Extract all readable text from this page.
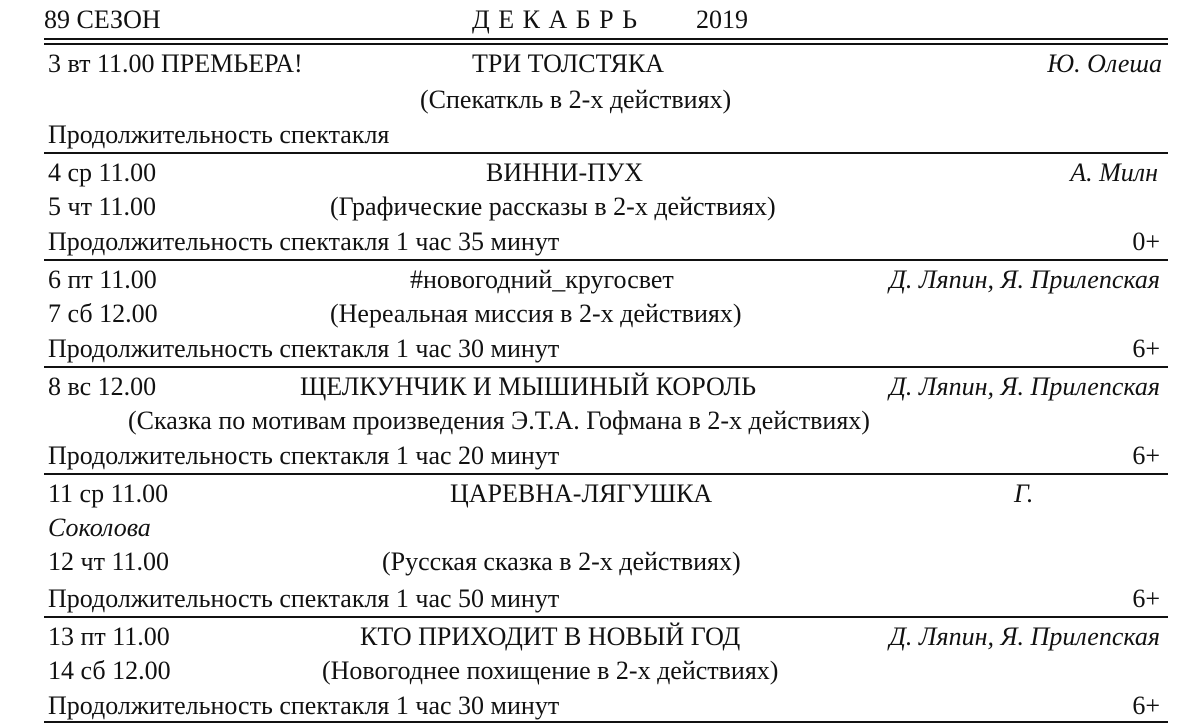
89 СЕЗОН	Д Е К А Б Р Ь 2019
3 вт 11.00 ПРЕМЬЕРА!	ТРИ ТОЛСТЯКА	Ю. Олеша
(Спекаткль в 2-х действиях)
Продолжительность спектакля
4 ср 11.00	ВИННИ-ПУХ	А. Милн
5 чт 11.00	(Графические рассказы в 2-х действиях)
Продолжительность спектакля 1 час 35 минут	0+
6 пт 11.00	#новогодний_кругосвет	Д. Ляпин, Я. Прилепская
7 сб 12.00	(Нереальная миссия в 2-х действиях)
Продолжительность спектакля 1 час 30 минут	6+
8 вс 12.00	ЩЕЛКУНЧИК И МЫШИНЫЙ КОРОЛЬ	Д. Ляпин, Я. Прилепская
(Сказка по мотивам произведения Э.Т.А. Гофмана в 2-х действиях)
Продолжительность спектакля 1 час 20 минут	6+
11 ср 11.00	ЦАРЕВНА-ЛЯГУШКА	Г.
Соколова
12 чт 11.00	(Русская сказка в 2-х действиях)
Продолжительность спектакля 1 час 50 минут	6+
13 пт 11.00	КТО ПРИХОДИТ В НОВЫЙ ГОД	Д. Ляпин, Я. Прилепская
14 сб 12.00	(Новогоднее похищение в 2-х действиях)
Продолжительность спектакля 1 час 30 минут	6+
